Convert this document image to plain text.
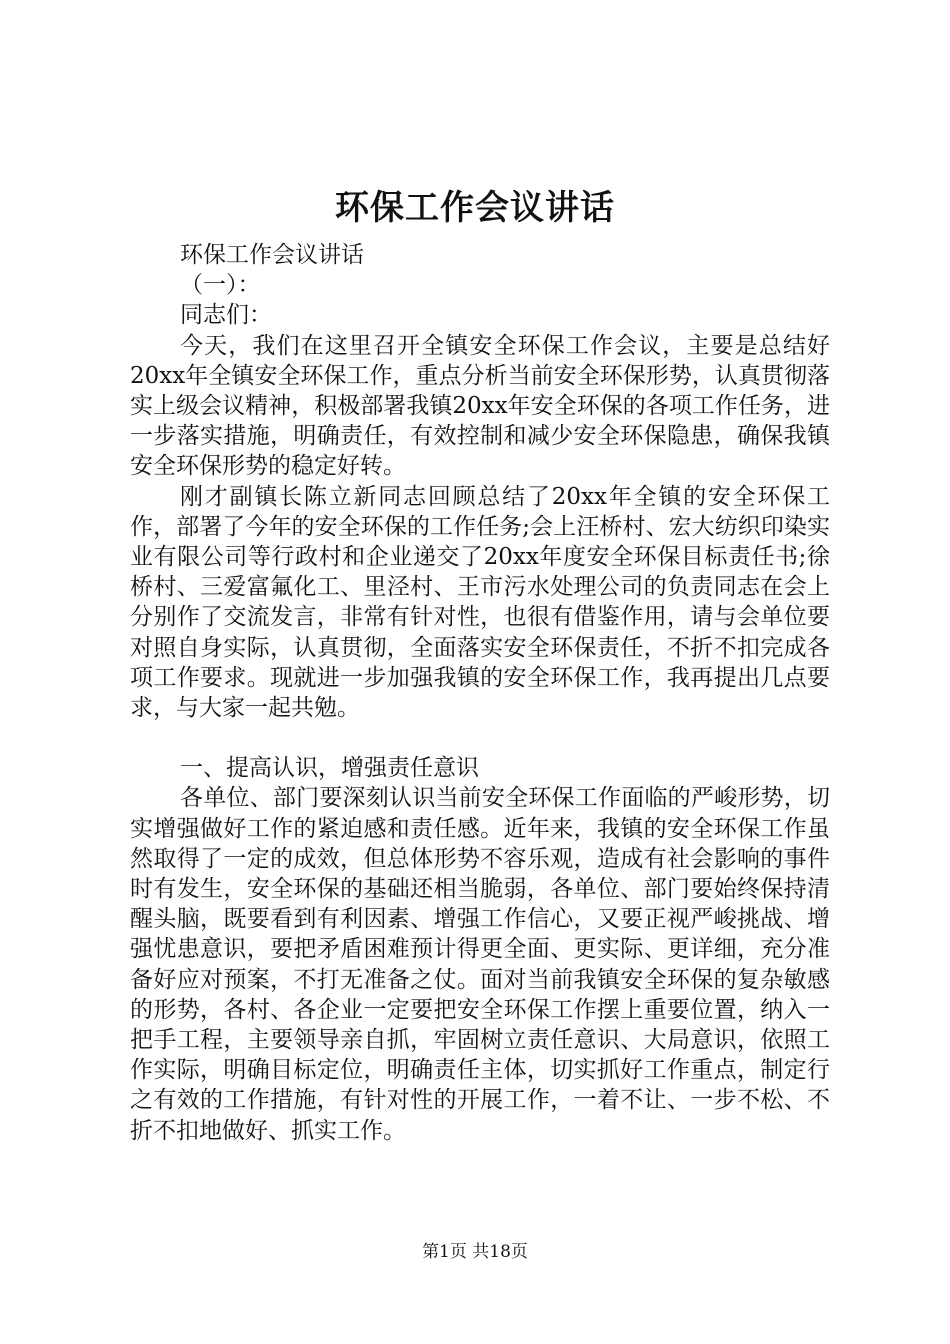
环保工作会议讲话
环保工作会议讲话
（一）：
同志们：

今天，我们在这里召开全镇安全环保工作会议，主要是总结好20xx年全镇安全环保工作，重点分析当前安全环保形势，认真贯彻落实上级会议精神，积极部署我镇20xx年安全环保的各项工作任务，进一步落实措施，明确责任，有效控制和减少安全环保隐患，确保我镇安全环保形势的稳定好转。

刚才副镇长陈立新同志回顾总结了20xx年全镇的安全环保工作，部署了今年的安全环保的工作任务;会上汪桥村、宏大纺织印染实业有限公司等行政村和企业递交了20xx年度安全环保目标责任书;徐桥村、三爱富氟化工、里泾村、王市污水处理公司的负责同志在会上分别作了交流发言，非常有针对性，也很有借鉴作用，请与会单位要对照自身实际，认真贯彻，全面落实安全环保责任，不折不扣完成各项工作要求。现就进一步加强我镇的安全环保工作，我再提出几点要求，与大家一起共勉。

一、提高认识，增强责任意识

各单位、部门要深刻认识当前安全环保工作面临的严峻形势，切实增强做好工作的紧迫感和责任感。近年来，我镇的安全环保工作虽然取得了一定的成效，但总体形势不容乐观，造成有社会影响的事件时有发生，安全环保的基础还相当脆弱，各单位、部门要始终保持清醒头脑，既要看到有利因素、增强工作信心，又要正视严峻挑战、增强忧患意识，要把矛盾困难预计得更全面、更实际、更详细，充分准备好应对预案，不打无准备之仗。面对当前我镇安全环保的复杂敏感的形势，各村、各企业一定要把安全环保工作摆上重要位置，纳入一把手工程，主要领导亲自抓，牢固树立责任意识、大局意识，依照工作实际，明确目标定位，明确责任主体，切实抓好工作重点，制定行之有效的工作措施，有针对性的开展工作，一着不让、一步不松、不折不扣地做好、抓实工作。

第1页 共18页
